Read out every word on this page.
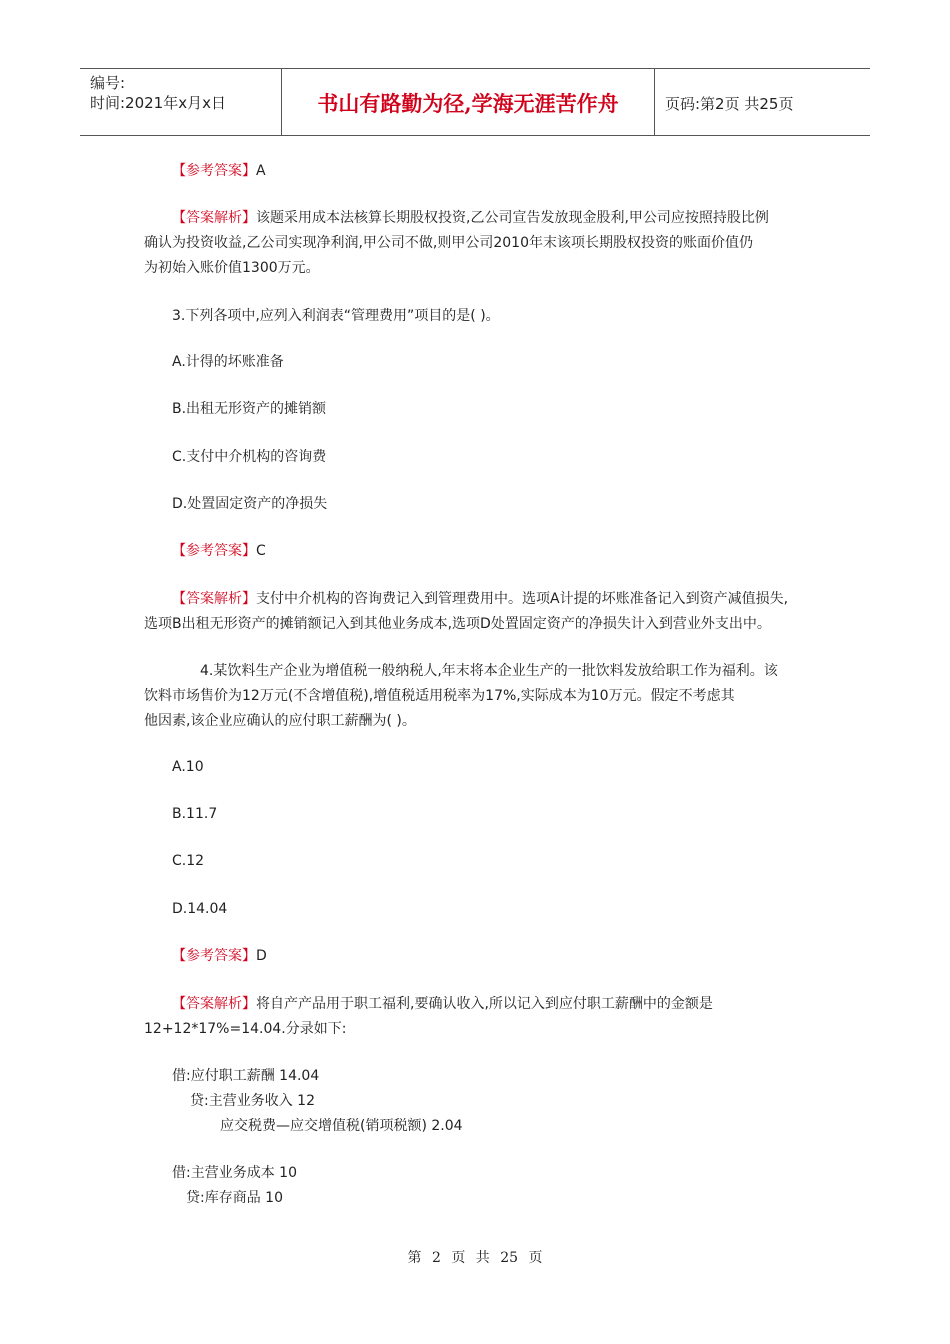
编号:
时间:2021年x月x日	书山有路勤为径,学海无涯苦作舟	页码:第2页 共25页
【参考答案】A
【答案解析】该题采用成本法核算长期股权投资,乙公司宣告发放现金股利,甲公司应按照持股比例
确认为投资收益,乙公司实现净利润,甲公司不做,则甲公司2010年末该项长期股权投资的账面价值仍
为初始入账价值1300万元。
3.下列各项中,应列入利润表“管理费用”项目的是( )。
A.计得的坏账准备
B.出租无形资产的摊销额
C.支付中介机构的咨询费
D.处置固定资产的净损失
【参考答案】C
【答案解析】支付中介机构的咨询费记入到管理费用中。选项A计提的坏账准备记入到资产减值损失,
选项B出租无形资产的摊销额记入到其他业务成本,选项D处置固定资产的净损失计入到营业外支出中。
4.某饮料生产企业为增值税一般纳税人,年末将本企业生产的一批饮料发放给职工作为福利。该
饮料市场售价为12万元(不含增值税),增值税适用税率为17%,实际成本为10万元。假定不考虑其
他因素,该企业应确认的应付职工薪酬为( )。
A.10
B.11.7
C.12
D.14.04
【参考答案】D
【答案解析】将自产产品用于职工福利,要确认收入,所以记入到应付职工薪酬中的金额是
12+12*17%=14.04.分录如下:
借:应付职工薪酬 14.04
贷:主营业务收入 12
应交税费—应交增值税(销项税额) 2.04
借:主营业务成本 10
贷:库存商品 10
第 2 页 共 25 页
